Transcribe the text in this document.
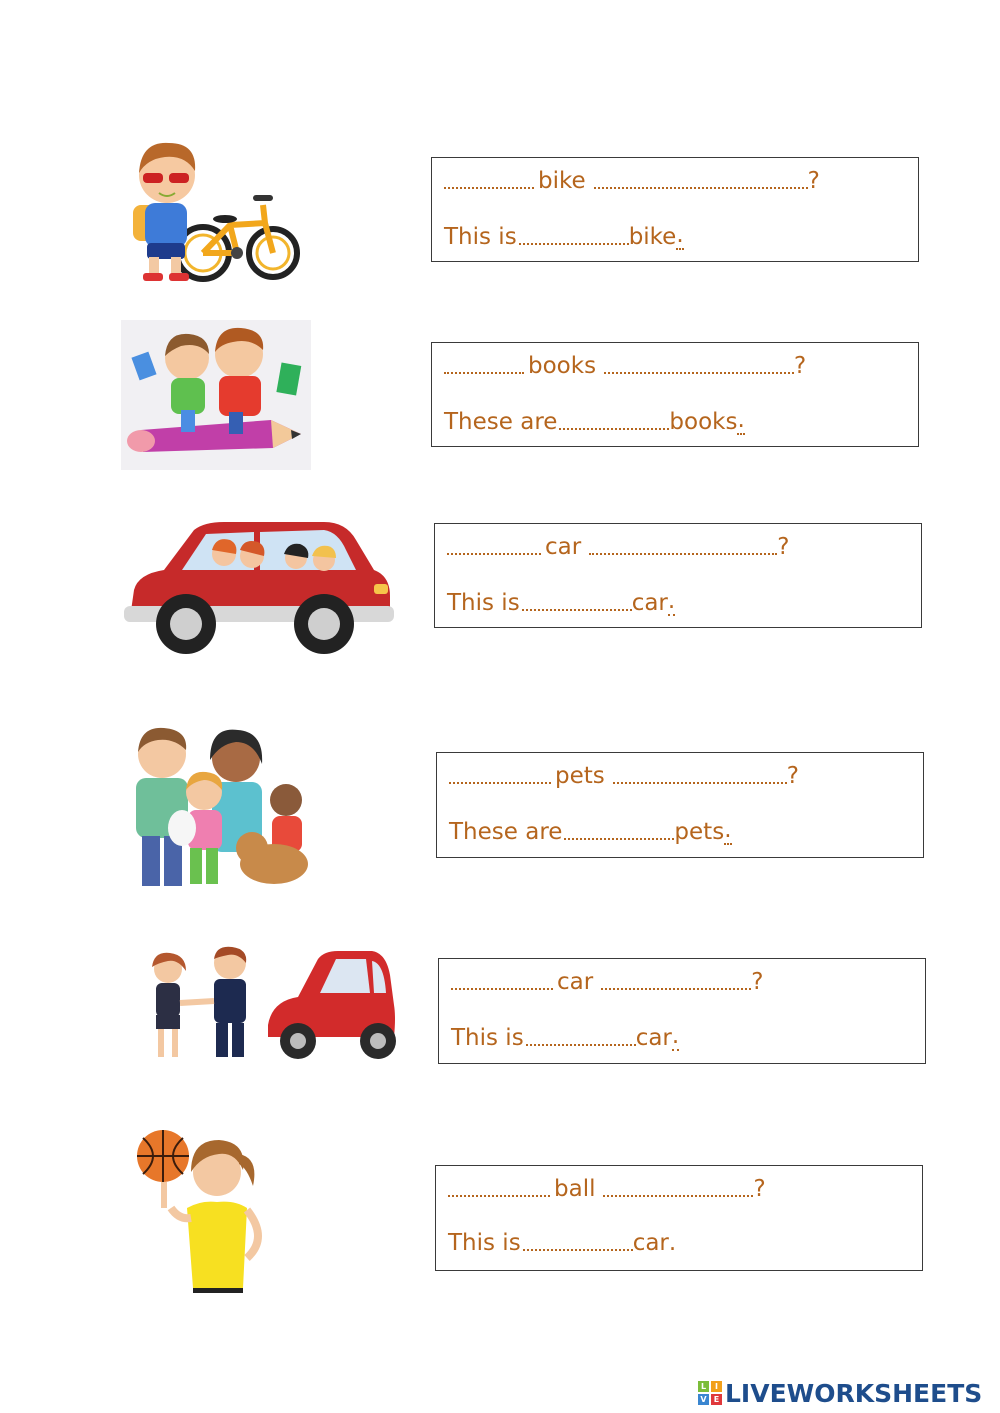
bike	?
This is	bike .
books	?
These are	books .
car	?
This is	car .
pets	?
These are	pets .
car	?
This is	car .
ball	?
This is	car .
L	I
V E LIVEWORKSHEETS
